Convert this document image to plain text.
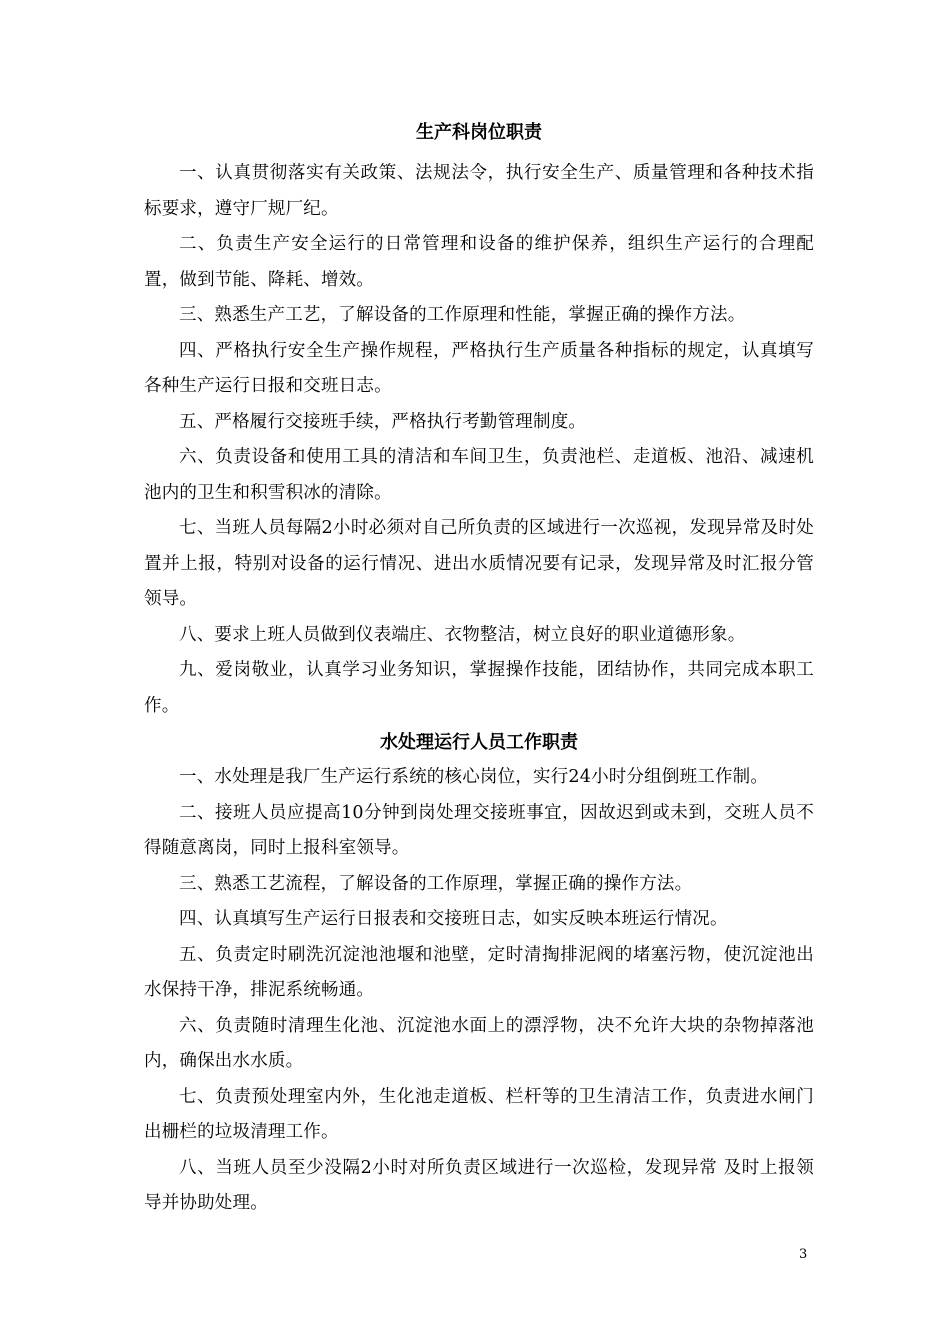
生产科岗位职责

一、认真贯彻落实有关政策、法规法令，执行安全生产、质量管理和各种技术指标要求，遵守厂规厂纪。

二、负责生产安全运行的日常管理和设备的维护保养，组织生产运行的合理配置，做到节能、降耗、增效。

三、熟悉生产工艺，了解设备的工作原理和性能，掌握正确的操作方法。

四、严格执行安全生产操作规程，严格执行生产质量各种指标的规定，认真填写各种生产运行日报和交班日志。

五、严格履行交接班手续，严格执行考勤管理制度。

六、负责设备和使用工具的清洁和车间卫生，负责池栏、走道板、池沿、减速机池内的卫生和积雪积冰的清除。

七、当班人员每隔2小时必须对自己所负责的区域进行一次巡视，发现异常及时处置并上报，特别对设备的运行情况、进出水质情况要有记录，发现异常及时汇报分管领导。

八、要求上班人员做到仪表端庄、衣物整洁，树立良好的职业道德形象。

九、爱岗敬业，认真学习业务知识，掌握操作技能，团结协作，共同完成本职工作。

水处理运行人员工作职责

一、水处理是我厂生产运行系统的核心岗位，实行24小时分组倒班工作制。

二、接班人员应提高10分钟到岗处理交接班事宜，因故迟到或未到，交班人员不得随意离岗，同时上报科室领导。

三、熟悉工艺流程，了解设备的工作原理，掌握正确的操作方法。

四、认真填写生产运行日报表和交接班日志，如实反映本班运行情况。

五、负责定时刷洗沉淀池池堰和池壁，定时清掏排泥阀的堵塞污物，使沉淀池出水保持干净，排泥系统畅通。

六、负责随时清理生化池、沉淀池水面上的漂浮物，决不允许大块的杂物掉落池内，确保出水水质。

七、负责预处理室内外，生化池走道板、栏杆等的卫生清洁工作，负责进水闸门出栅栏的垃圾清理工作。

八、当班人员至少没隔2小时对所负责区域进行一次巡检，发现异常 及时上报领导并协助处理。

3
